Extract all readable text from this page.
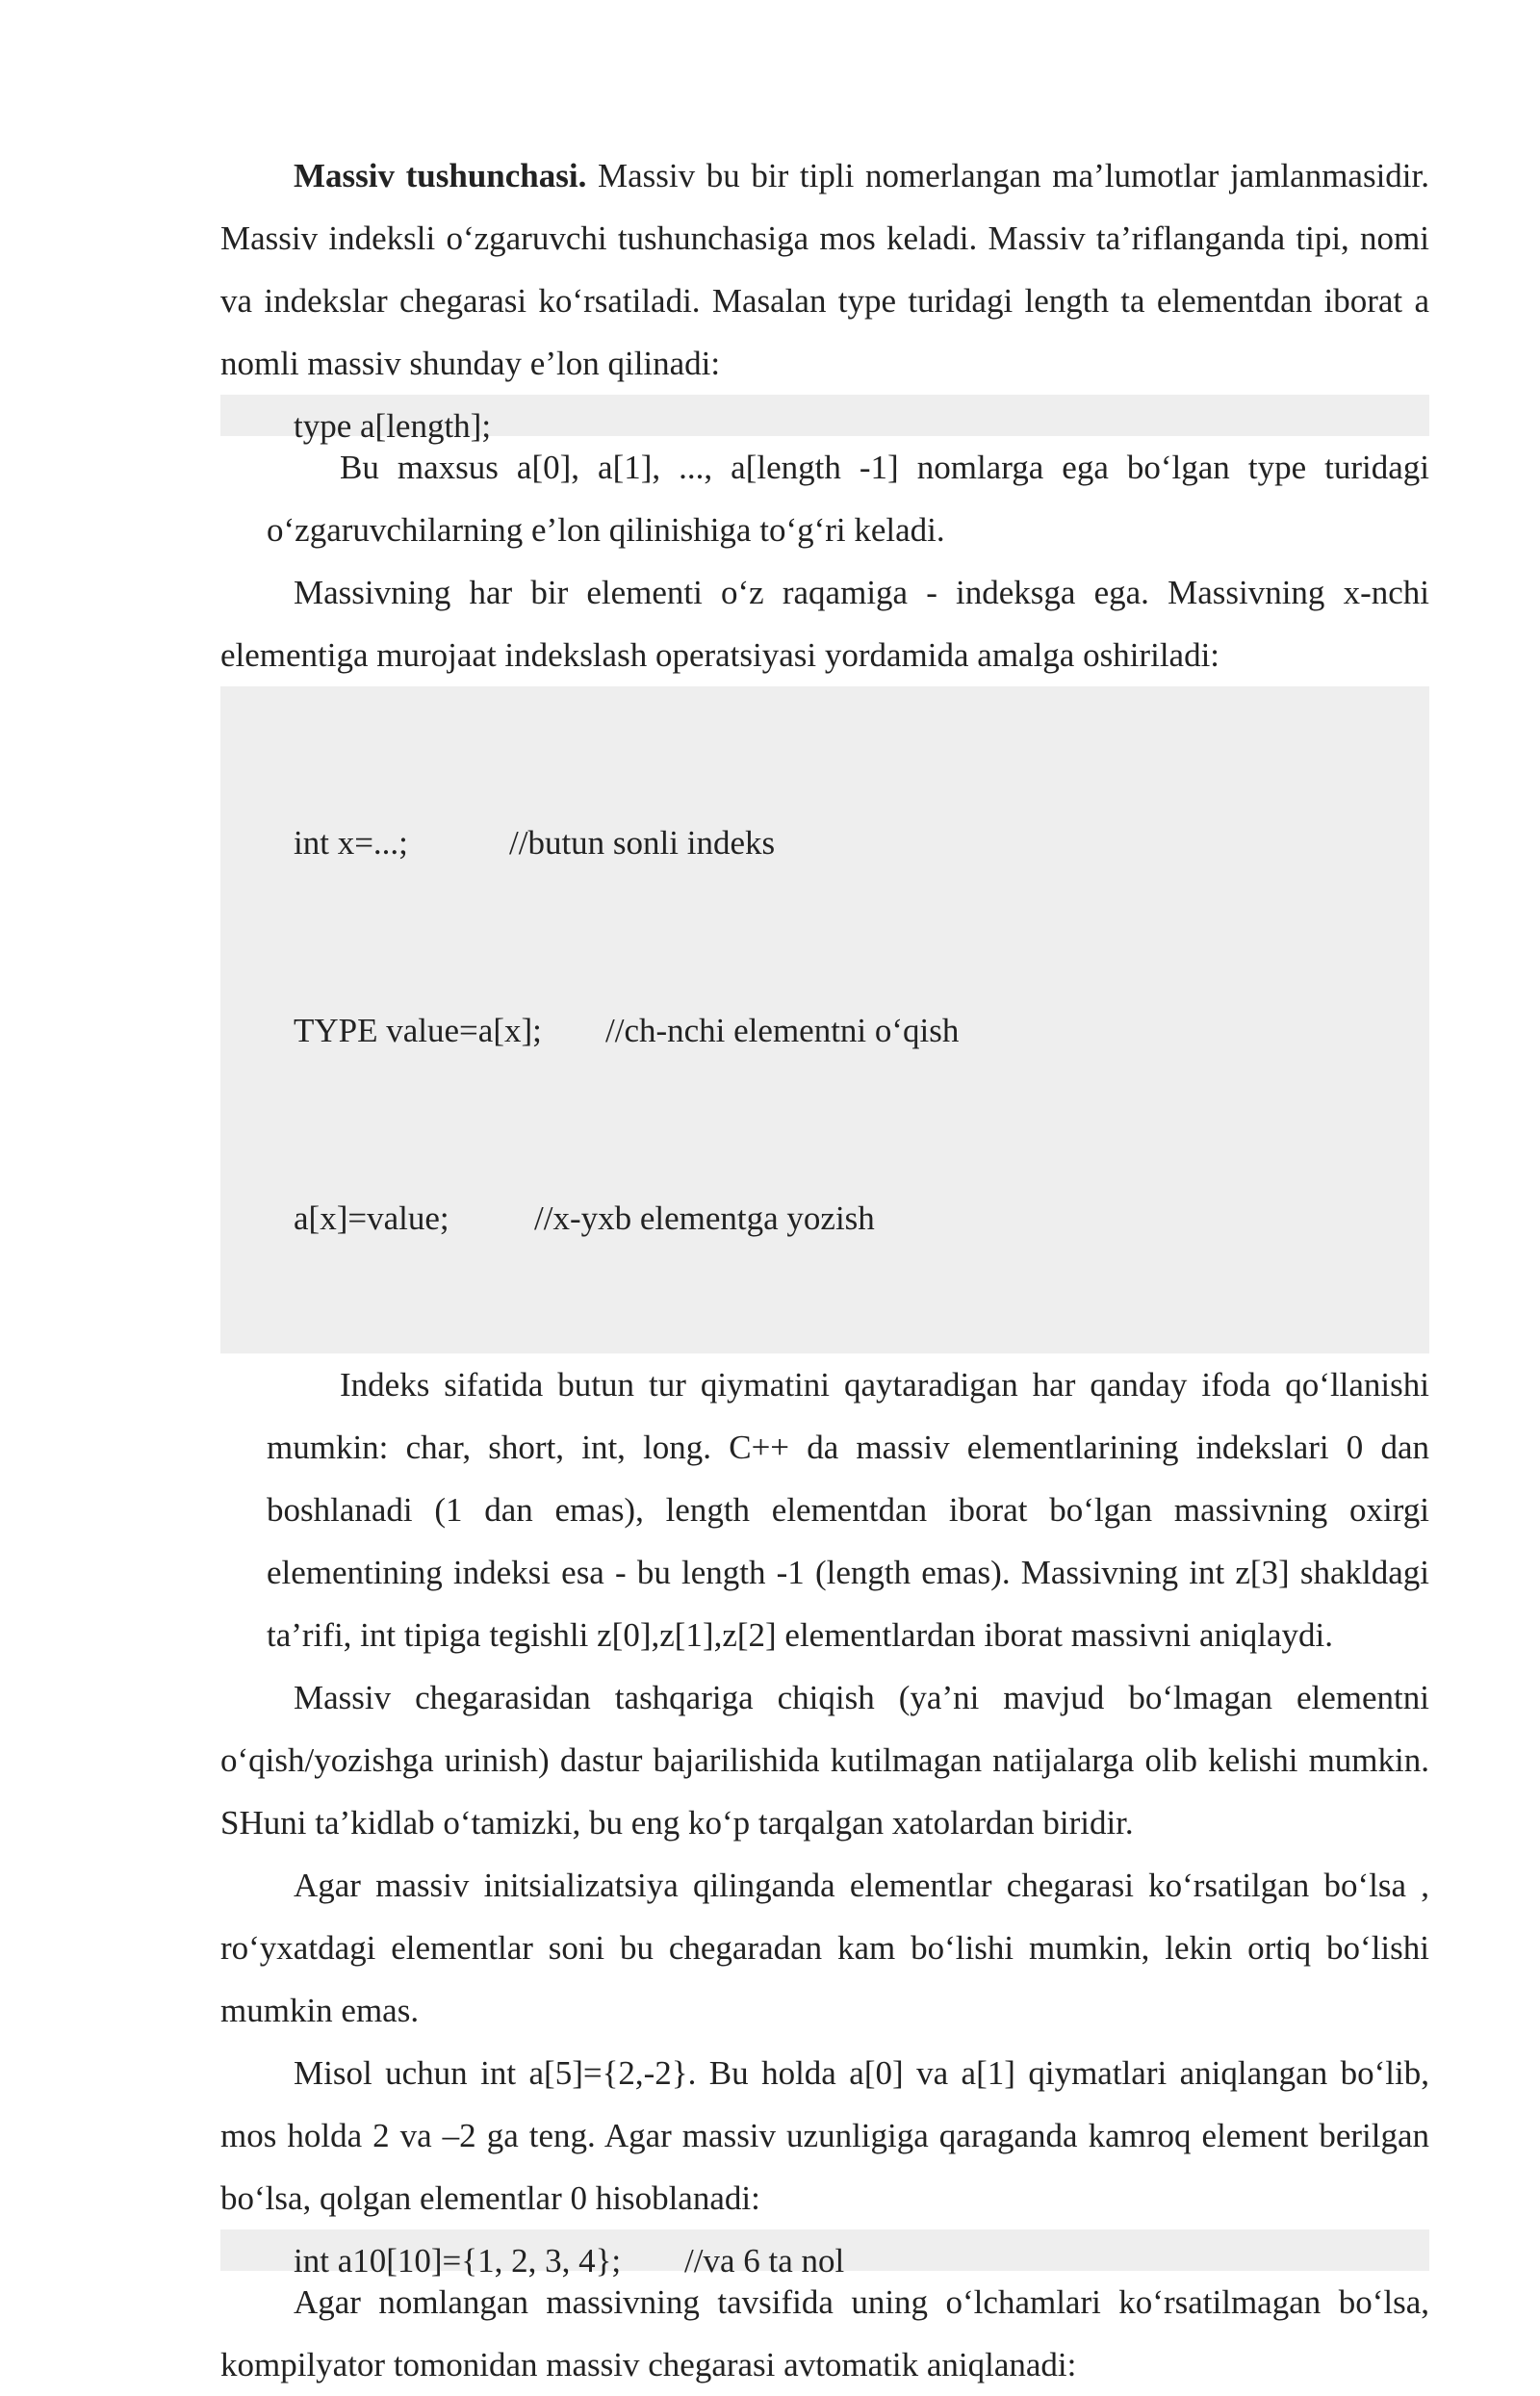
Massiv tushunchasi. Massiv bu bir tipli nomerlangan ma’lumotlar jamlanmasidir. Massiv indeksli o‘zgaruvchi tushunchasiga mos keladi. Massiv ta’riflanganda tipi, nomi va indekslar chegarasi ko‘rsatiladi. Masalan type turidagi length ta elementdan iborat a nomli massiv shunday e’lon qilinadi:

type a[length];

Bu maxsus a[0], a[1], ..., a[length -1] nomlarga ega bo‘lgan type turidagi o‘zgaruvchilarning e’lon qilinishiga to‘g‘ri keladi.

Massivning har bir elementi o‘z raqamiga - indeksga ega. Massivning x-nchi elementiga murojaat indekslash operatsiyasi yordamida amalga oshiriladi:

int x=...;	//butun sonli indeks

TYPE value=a[x]; //ch-nchi elementni o‘qish

a[x]=value;	//x-yxb elementga yozish

Indeks sifatida butun tur qiymatini qaytaradigan har qanday ifoda qo‘llanishi mumkin: char, short, int, long. C++ da massiv elementlarining indekslari 0 dan boshlanadi (1 dan emas), length elementdan iborat bo‘lgan massivning oxirgi elementining indeksi esa - bu length -1 (length emas). Massivning int z[3] shakldagi ta’rifi, int tipiga tegishli z[0],z[1],z[2] elementlardan iborat massivni aniqlaydi.

Massiv chegarasidan tashqariga chiqish (ya’ni mavjud bo‘lmagan elementni o‘qish/yozishga urinish) dastur bajarilishida kutilmagan natijalarga olib kelishi mumkin. SHuni ta’kidlab o‘tamizki, bu eng ko‘p tarqalgan xatolardan biridir.

Agar massiv initsializatsiya qilinganda elementlar chegarasi ko‘rsatilgan bo‘lsa , ro‘yxatdagi elementlar soni bu chegaradan kam bo‘lishi mumkin, lekin ortiq bo‘lishi mumkin emas.

Misol uchun int a[5]={2,-2}. Bu holda a[0] va a[1] qiymatlari aniqlangan bo‘lib, mos holda 2 va –2 ga teng. Agar massiv uzunligiga qaraganda kamroq element berilgan bo‘lsa, qolgan elementlar 0 hisoblanadi:

int a10[10]={1, 2, 3, 4}; //va 6 ta nol

Agar nomlangan massivning tavsifida uning o‘lchamlari ko‘rsatilmagan bo‘lsa, kompilyator tomonidan massiv chegarasi avtomatik aniqlanadi:
